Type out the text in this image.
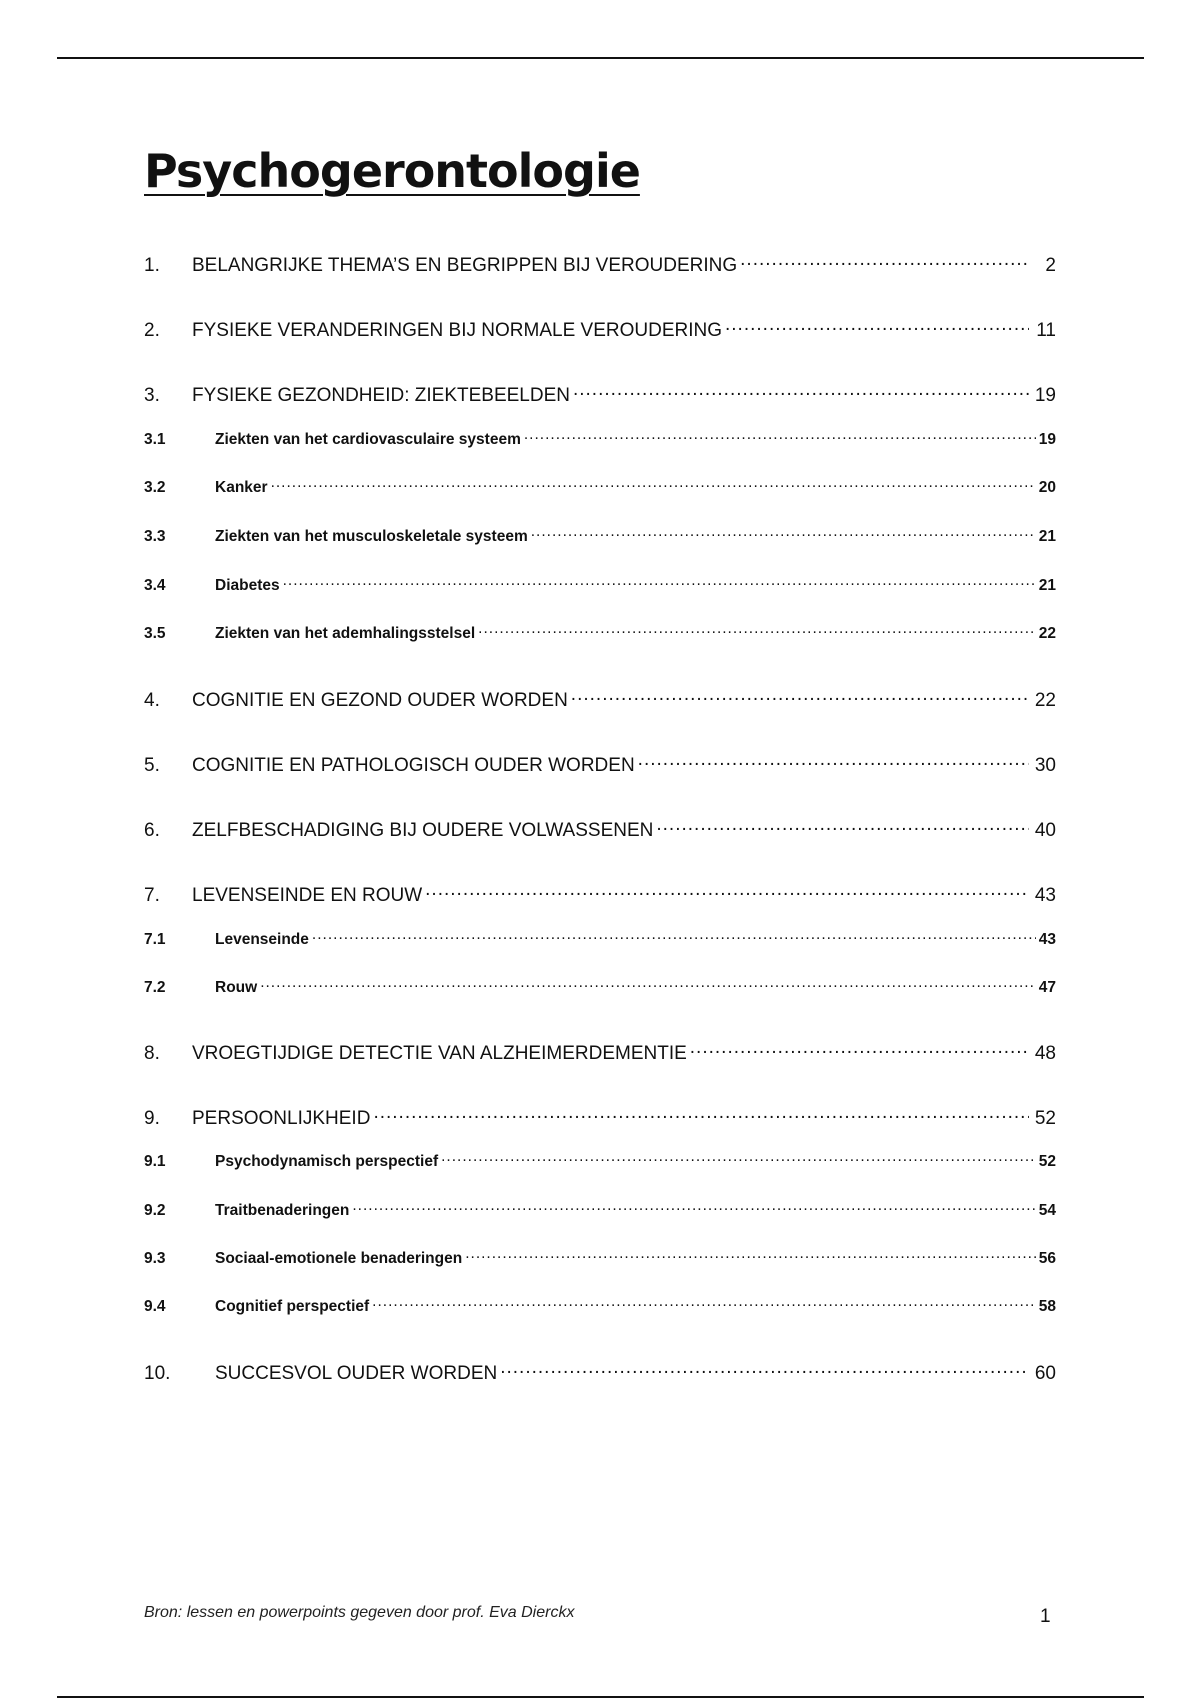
Psychogerontologie
1.	BELANGRIJKE THEMA’S EN BEGRIPPEN BIJ VEROUDERING .....	2
2.	FYSIEKE VERANDERINGEN BIJ NORMALE VEROUDERING .....	11
3.	FYSIEKE GEZONDHEID: ZIEKTEBEELDEN .....	19
3.1	Ziekten van het cardiovasculaire systeem .....	19
3.2	Kanker .....	20
3.3	Ziekten van het musculoskeletale systeem .....	21
3.4	Diabetes .....	21
3.5	Ziekten van het ademhalingsstelsel .....	22
4.	COGNITIE EN GEZOND OUDER WORDEN .....	22
5.	COGNITIE EN PATHOLOGISCH OUDER WORDEN .....	30
6.	ZELFBESCHADIGING BIJ OUDERE VOLWASSENEN .....	40
7.	LEVENSEINDE EN ROUW .....	43
7.1	Levenseinde .....	43
7.2	Rouw .....	47
8.	VROEGTIJDIGE DETECTIE VAN ALZHEIMERDEMENTIE .....	48
9.	PERSOONLIJKHEID .....	52
9.1	Psychodynamisch perspectief .....	52
9.2	Traitbenaderingen .....	54
9.3	Sociaal-emotionele benaderingen .....	56
9.4	Cognitief perspectief .....	58
10.	SUCCESVOL OUDER WORDEN .....	60
Bron: lessen en powerpoints gegeven door prof. Eva Dierckx	1
